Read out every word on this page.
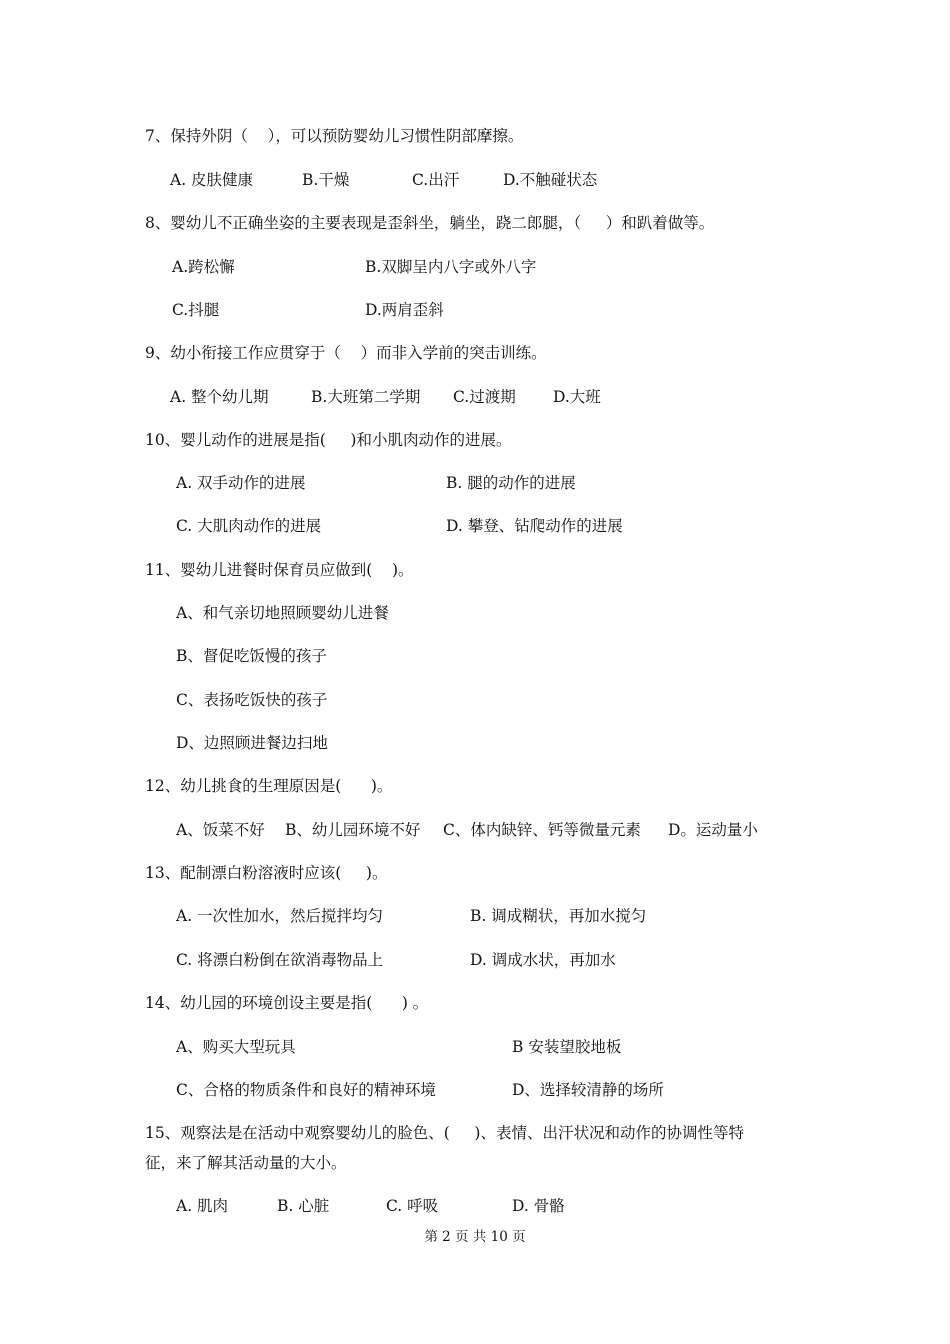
7、保持外阴（    ），可以预防婴幼儿习惯性阴部摩擦。
A. 皮肤健康	B.干燥	C.出汗	D.不触碰状态
8、婴幼儿不正确坐姿的主要表现是歪斜坐，躺坐，跷二郎腿，（     ）和趴着做等。
A.跨松懈	B.双脚呈内八字或外八字
C.抖腿	D.两肩歪斜
9、幼小衔接工作应贯穿于（    ）而非入学前的突击训练。
A. 整个幼儿期	B.大班第二学期 C.过渡期 D.大班
10、婴儿动作的进展是指(     )和小肌肉动作的进展。
A. 双手动作的进展	B. 腿的动作的进展
C. 大肌肉动作的进展	D. 攀登、钻爬动作的进展
11、婴幼儿进餐时保育员应做到(    )。
A、和气亲切地照顾婴幼儿进餐
B、督促吃饭慢的孩子
C、表扬吃饭快的孩子
D、边照顾进餐边扫地
12、幼儿挑食的生理原因是(      )。
A、饭菜不好 B、幼儿园环境不好 C、体内缺锌、钙等微量元素 D。运动量小
13、配制漂白粉溶液时应该(     )。
A. 一次性加水，然后搅拌均匀	B. 调成糊状，再加水搅匀
C. 将漂白粉倒在欲消毒物品上	D. 调成水状，再加水
14、幼儿园的环境创设主要是指(      ) 。
A、购买大型玩具	B 安装望胶地板
C、合格的物质条件和良好的精神环境	D、选择较清静的场所
15、观察法是在活动中观察婴幼儿的脸色、(     )、表情、出汗状况和动作的协调性等特
征，来了解其活动量的大小。
A. 肌肉	B. 心脏	C. 呼吸	D. 骨骼
第 2 页 共 10 页
